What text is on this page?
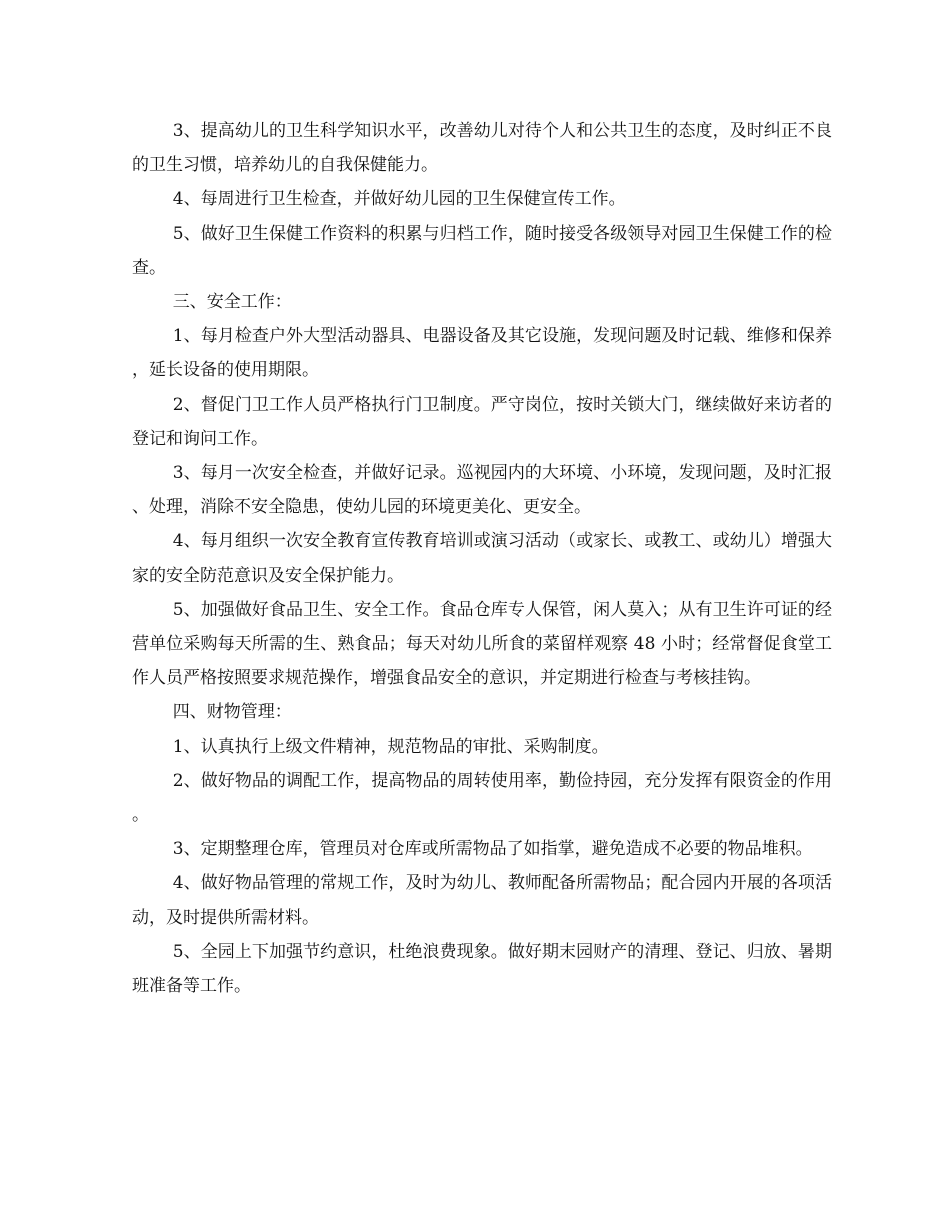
3、提高幼儿的卫生科学知识水平，改善幼儿对待个人和公共卫生的态度，及时纠正不良的卫生习惯，培养幼儿的自我保健能力。

4、每周进行卫生检查，并做好幼儿园的卫生保健宣传工作。

5、做好卫生保健工作资料的积累与归档工作，随时接受各级领导对园卫生保健工作的检查。

三、安全工作：

1、每月检查户外大型活动器具、电器设备及其它设施，发现问题及时记载、维修和保养，延长设备的使用期限。

2、督促门卫工作人员严格执行门卫制度。严守岗位，按时关锁大门，继续做好来访者的登记和询问工作。

3、每月一次安全检查，并做好记录。巡视园内的大环境、小环境，发现问题，及时汇报、处理，消除不安全隐患，使幼儿园的环境更美化、更安全。

4、每月组织一次安全教育宣传教育培训或演习活动（或家长、或教工、或幼儿）增强大家的安全防范意识及安全保护能力。

5、加强做好食品卫生、安全工作。食品仓库专人保管，闲人莫入；从有卫生许可证的经营单位采购每天所需的生、熟食品；每天对幼儿所食的菜留样观察 48 小时；经常督促食堂工作人员严格按照要求规范操作，增强食品安全的意识，并定期进行检查与考核挂钩。

四、财物管理：

1、认真执行上级文件精神，规范物品的审批、采购制度。

2、做好物品的调配工作，提高物品的周转使用率，勤俭持园，充分发挥有限资金的作用。

3、定期整理仓库，管理员对仓库或所需物品了如指掌，避免造成不必要的物品堆积。

4、做好物品管理的常规工作，及时为幼儿、教师配备所需物品；配合园内开展的各项活动，及时提供所需材料。

5、全园上下加强节约意识，杜绝浪费现象。做好期末园财产的清理、登记、归放、暑期班准备等工作。
